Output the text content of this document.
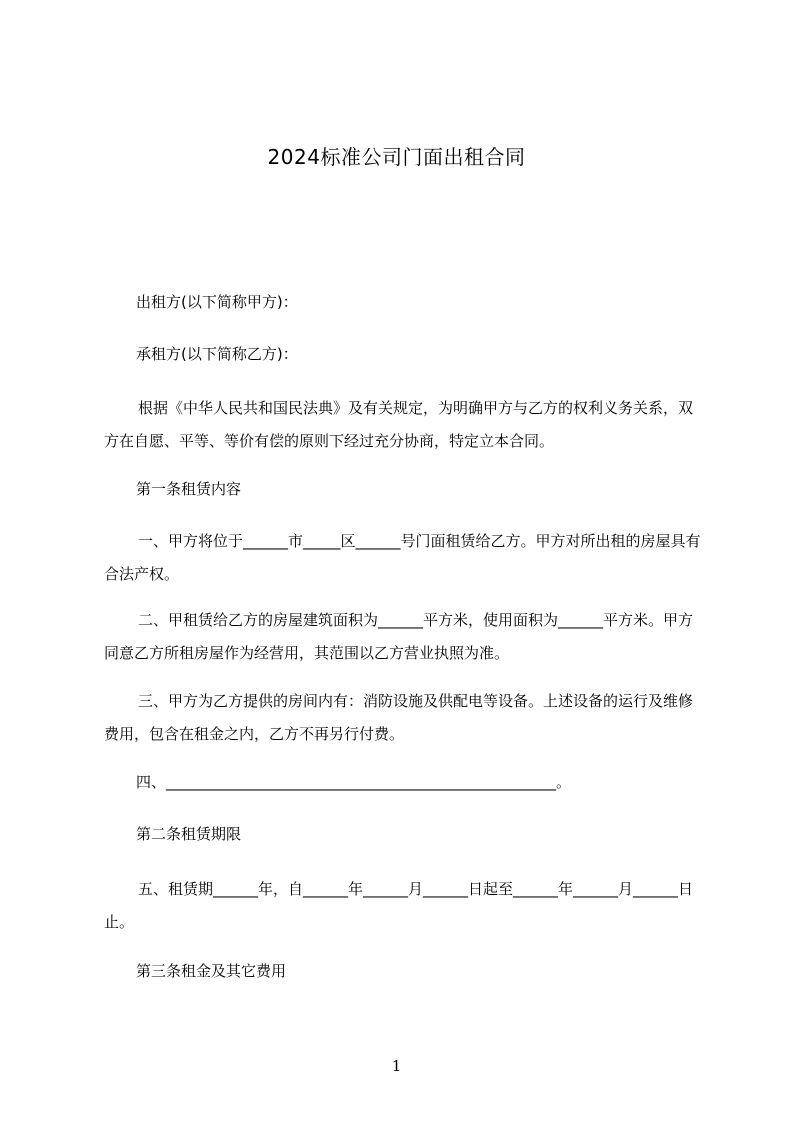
2024标准公司门面出租合同
出租方(以下简称甲方)：
承租方(以下简称乙方)：
根据《中华人民共和国民法典》及有关规定，为明确甲方与乙方的权利义务关系，双方在自愿、平等、等价有偿的原则下经过充分协商，特定立本合同。
第一条租赁内容
一、甲方将位于______市_____区______号门面租赁给乙方。甲方对所出租的房屋具有合法产权。
二、甲租赁给乙方的房屋建筑面积为______平方米，使用面积为______平方米。甲方同意乙方所租房屋作为经营用，其范围以乙方营业执照为准。
三、甲方为乙方提供的房间内有：消防设施及供配电等设备。上述设备的运行及维修费用，包含在租金之内，乙方不再另行付费。
四、____________________________________________________。
第二条租赁期限
五、租赁期______年，自______年______月______日起至______年______月______日止。
第三条租金及其它费用
1
